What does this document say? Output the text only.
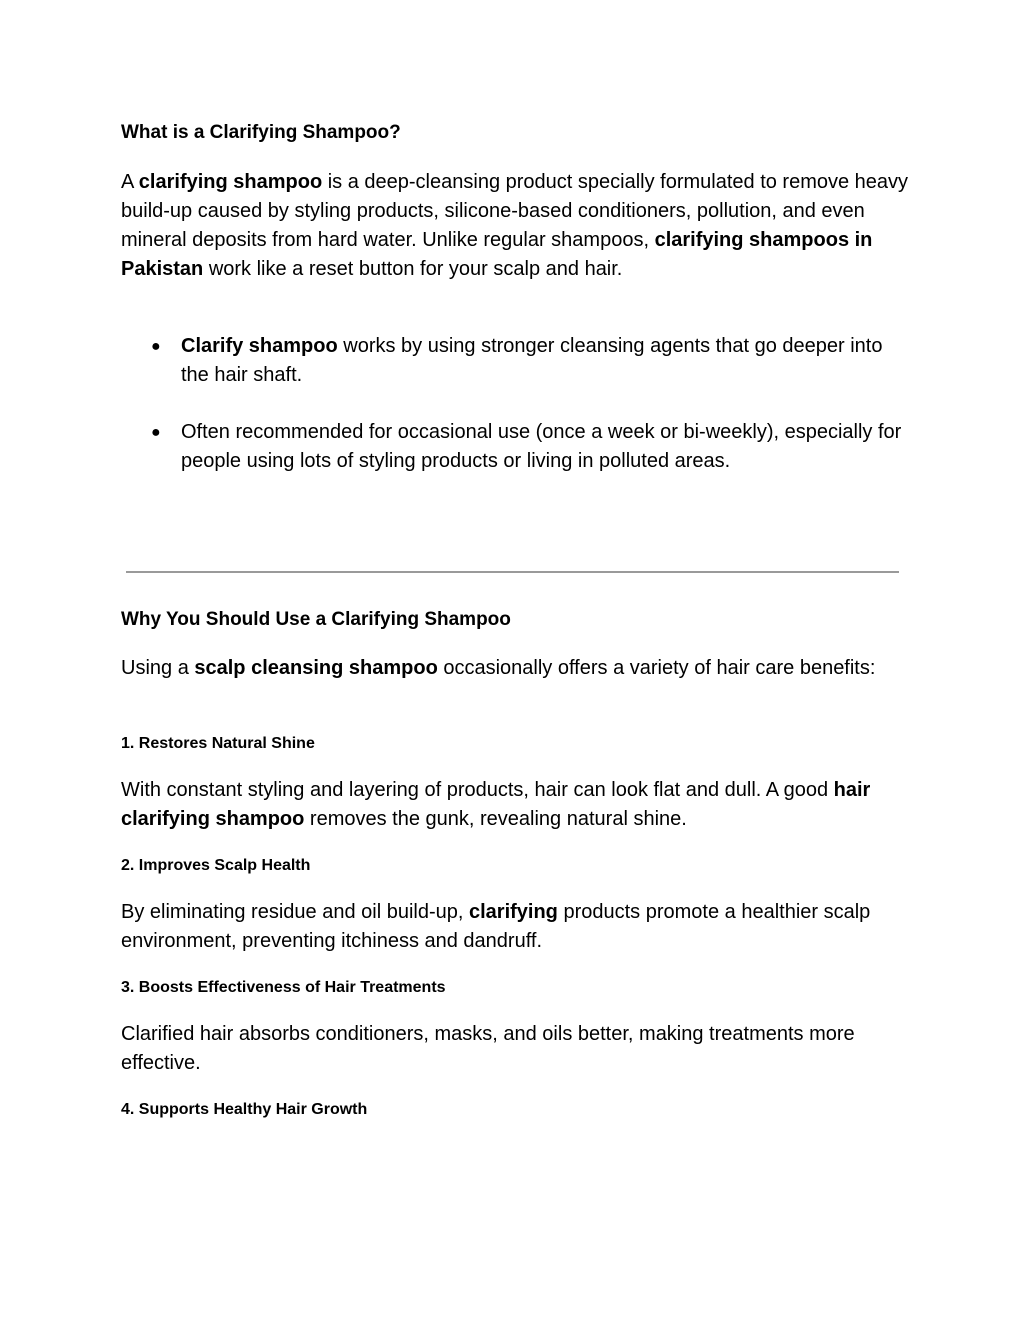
What is a Clarifying Shampoo?

A clarifying shampoo is a deep-cleansing product specially formulated to remove heavy build-up caused by styling products, silicone-based conditioners, pollution, and even mineral deposits from hard water. Unlike regular shampoos, clarifying shampoos in Pakistan work like a reset button for your scalp and hair.

● Clarify shampoo works by using stronger cleansing agents that go deeper into the hair shaft.

● Often recommended for occasional use (once a week or bi-weekly), especially for people using lots of styling products or living in polluted areas.

Why You Should Use a Clarifying Shampoo

Using a scalp cleansing shampoo occasionally offers a variety of hair care benefits:

1. Restores Natural Shine

With constant styling and layering of products, hair can look flat and dull. A good hair clarifying shampoo removes the gunk, revealing natural shine.

2. Improves Scalp Health

By eliminating residue and oil build-up, clarifying products promote a healthier scalp environment, preventing itchiness and dandruff.

3. Boosts Effectiveness of Hair Treatments

Clarified hair absorbs conditioners, masks, and oils better, making treatments more effective.

4. Supports Healthy Hair Growth
